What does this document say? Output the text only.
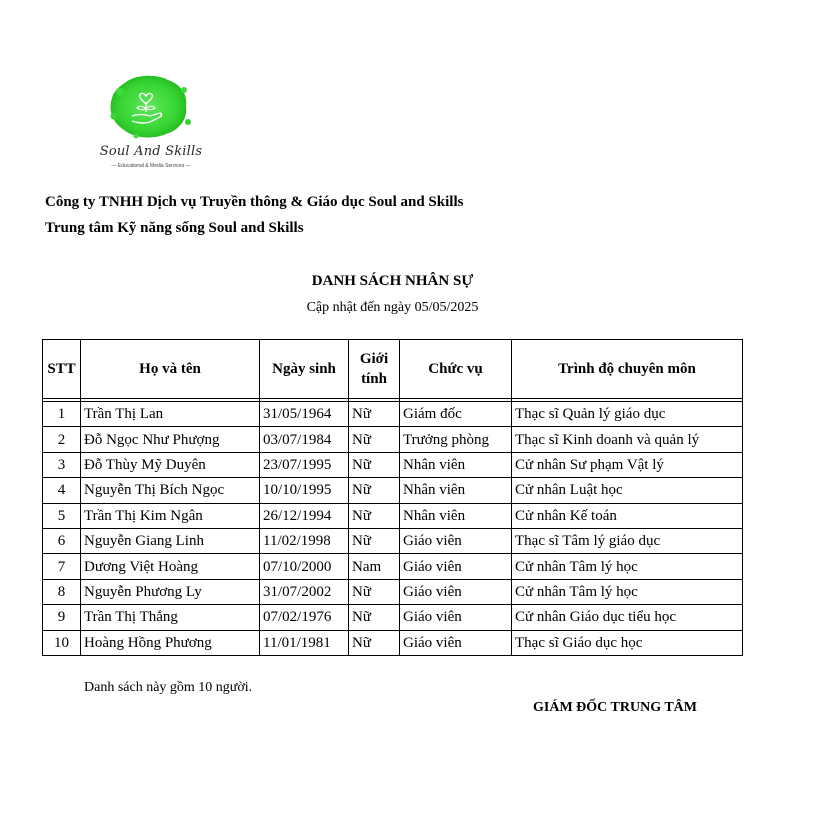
Soul And Skills
— Educational & Media Services —
Công ty TNHH Dịch vụ Truyền thông & Giáo dục Soul and Skills
Trung tâm Kỹ năng sống Soul and Skills
DANH SÁCH NHÂN SỰ
Cập nhật đến ngày 05/05/2025
STT	Họ và tên	Ngày sinh	Giới tính	Chức vụ	Trình độ chuyên môn

1	Trần Thị Lan	31/05/1964	Nữ	Giám đốc	Thạc sĩ Quản lý giáo dục
2	Đỗ Ngọc Như Phượng	03/07/1984	Nữ	Trưởng phòng	Thạc sĩ Kinh doanh và quản lý
3	Đỗ Thùy Mỹ Duyên	23/07/1995	Nữ	Nhân viên	Cử nhân Sư phạm Vật lý
4	Nguyễn Thị Bích Ngọc	10/10/1995	Nữ	Nhân viên	Cử nhân Luật học
5	Trần Thị Kim Ngân	26/12/1994	Nữ	Nhân viên	Cử nhân Kế toán
6	Nguyễn Giang Linh	11/02/1998	Nữ	Giáo viên	Thạc sĩ Tâm lý giáo dục
7	Dương Việt Hoàng	07/10/2000	Nam	Giáo viên	Cử nhân Tâm lý học
8	Nguyễn Phương Ly	31/07/2002	Nữ	Giáo viên	Cử nhân Tâm lý học
9	Trần Thị Thắng	07/02/1976	Nữ	Giáo viên	Cử nhân Giáo dục tiểu học
10	Hoàng Hồng Phương	11/01/1981	Nữ	Giáo viên	Thạc sĩ Giáo dục học
Danh sách này gồm 10 người.
GIÁM ĐỐC TRUNG TÂM
